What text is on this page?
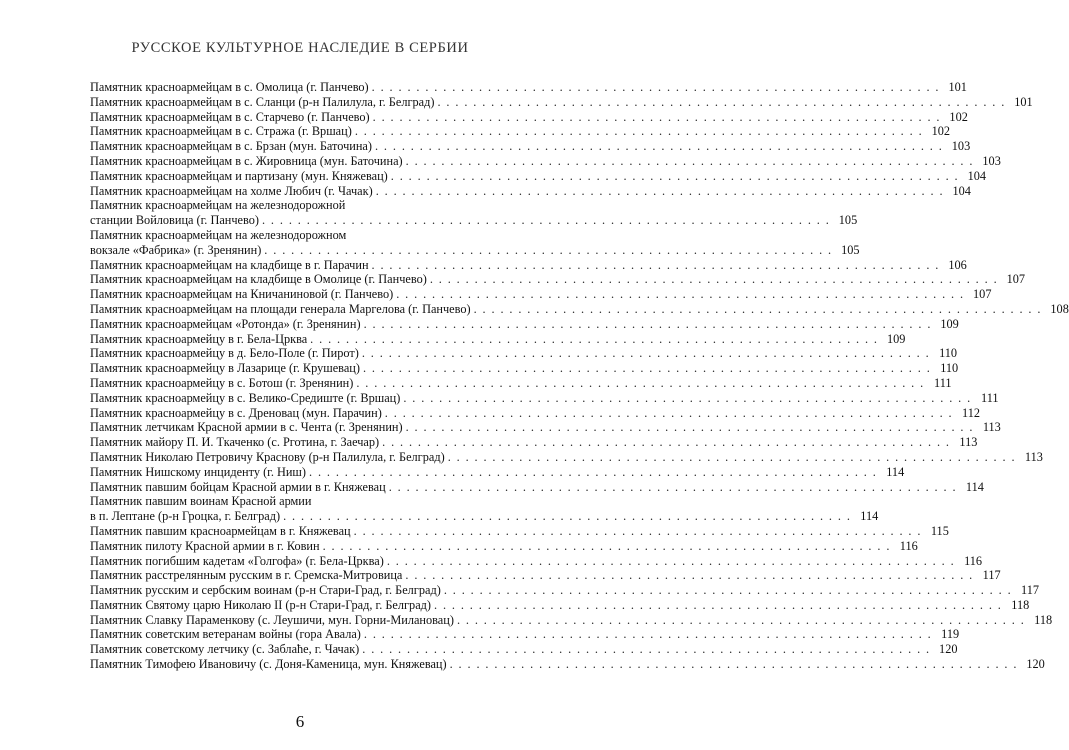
РУССКОЕ КУЛЬТУРНОЕ НАСЛЕДИЕ В СЕРБИИ
Памятник красноармейцам в с. Омолица (г. Панчево) . . .	101
Памятник красноармейцам в с. Сланци (р-н Палилула, г. Белград) . . .	101
Памятник красноармейцам в с. Старчево (г. Панчево) . . .	102
Памятник красноармейцам в с. Стража (г. Вршац) . . .	102
Памятник красноармейцам в с. Брзан (мун. Баточина) . . .	103
Памятник красноармейцам в с. Жировница (мун. Баточина) . . .	103
Памятник красноармейцам и партизану (мун. Княжевац) . . .	104
Памятник красноармейцам на холме Любич (г. Чачак) . . .	104
Памятник красноармейцам на железнодорожной
станции Войловица (г. Панчево) . . .	105
Памятник красноармейцам на железнодорожном
вокзале «Фабрика» (г. Зренянин) . . .	105
Памятник красноармейцам на кладбище в г. Парачин . . .	106
Памятник красноармейцам на кладбище в Омолице (г. Панчево) . . .	107
Памятник красноармейцам на Кничаниновой (г. Панчево) . . .	107
Памятник красноармейцам на площади генерала Маргелова (г. Панчево) . . .	108
Памятник красноармейцам «Ротонда» (г. Зренянин) . . .	109
Памятник красноармейцу в г. Бела-Црква . . .	109
Памятник красноармейцу в д. Бело-Поле (г. Пирот) . . .	110
Памятник красноармейцу в Лазарице (г. Крушевац) . . .	110
Памятник красноармейцу в с. Ботош (г. Зренянин) . . .	111
Памятник красноармейцу в с. Велико-Средиште (г. Вршац) . . .	111
Памятник красноармейцу в с. Дреновац (мун. Парачин) . . .	112
Памятник летчикам Красной армии в с. Чента (г. Зренянин) . . .	113
Памятник майору П. И. Ткаченко (с. Рготина, г. Заечар) . . .	113
Памятник Николаю Петровичу Краснову (р-н Палилула, г. Белград) . . .	113
Памятник Нишскому инциденту (г. Ниш) . . .	114
Памятник павшим бойцам Красной армии в г. Княжевац . . .	114
Памятник павшим воинам Красной армии
в п. Лептане (р-н Гроцка, г. Белград) . . .	114
Памятник павшим красноармейцам в г. Княжевац . . .	115
Памятник пилоту Красной армии в г. Ковин . . .	116
Памятник погибшим кадетам «Голгофа» (г. Бела-Црква) . . .	116
Памятник расстрелянным русским в г. Сремска-Митровица . . .	117
Памятник русским и сербским воинам (р-н Стари-Град, г. Белград) . . .	117
Памятник Святому царю Николаю II (р-н Стари-Град, г. Белград) . . .	118
Памятник Славку Параменкову (с. Леушичи, мун. Горни-Милановац) . . .	118
Памятник советским ветеранам войны (гора Авала) . . .	119
Памятник советскому летчику (с. Заблаће, г. Чачак) . . .	120
Памятник Тимофею Ивановичу (с. Доня-Каменица, мун. Княжевац) . . .	120
6
